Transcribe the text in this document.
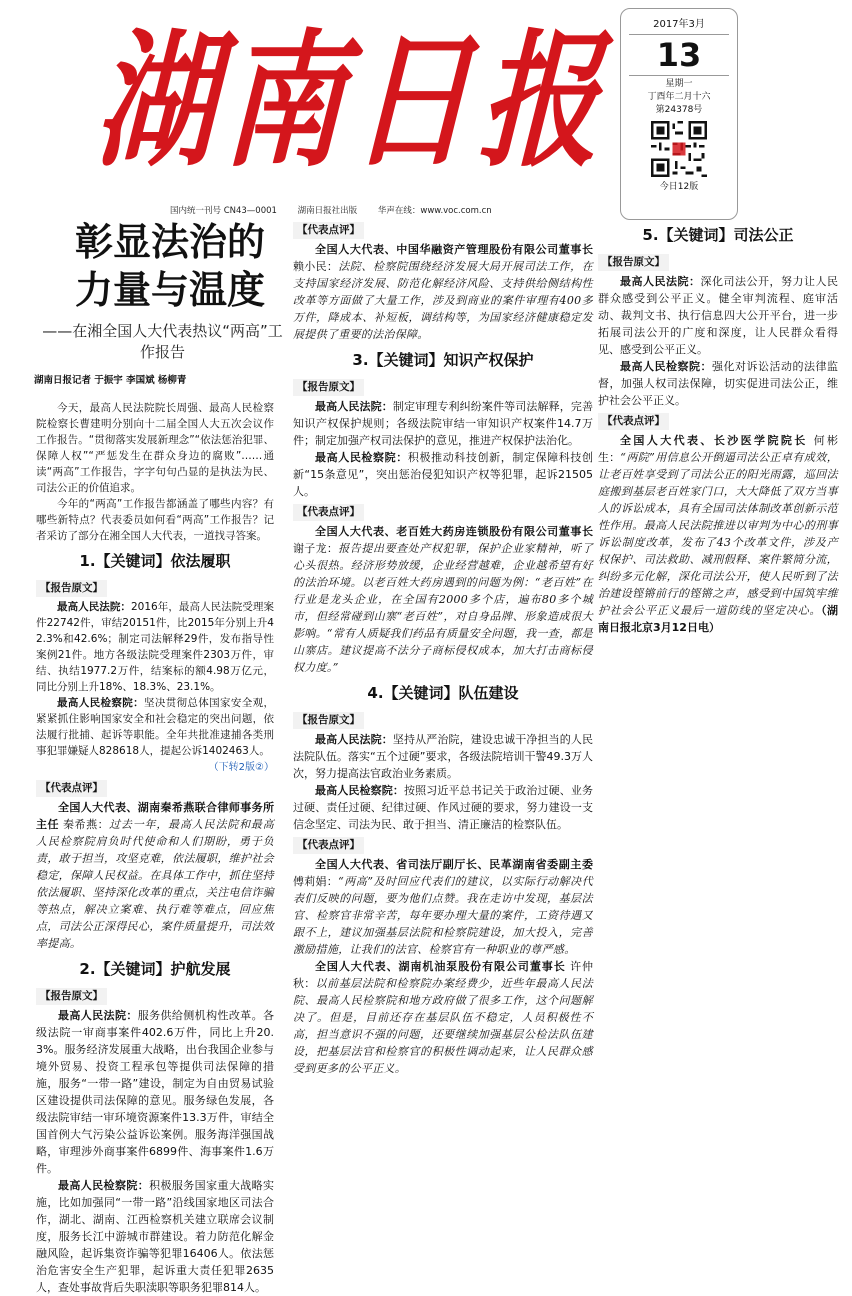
湖南日报	2017年3月
13
星期一
丁酉年二月十六
第24378号
今日12版
国内统一刊号 CN43—0001 湖南日报社出版 华声在线：www.voc.com.cn
彰显法治的
力量与温度
——在湘全国人大代表热议“两高”工作报告
湖南日报记者 于振宇 李国斌 杨柳青

今天，最高人民法院院长周强、最高人民检察院检察长曹建明分别向十二届全国人大五次会议作工作报告。“贯彻落实发展新理念”“依法惩治犯罪、保障人权”“严惩发生在群众身边的腐败”……通读“两高”工作报告，字字句句凸显的是执法为民、司法公正的价值追求。

今年的“两高”工作报告都涵盖了哪些内容？有哪些新特点？代表委员如何看“两高”工作报告？记者采访了部分在湘全国人大代表，一道找寻答案。

1.【关键词】依法履职
【报告原文】

最高人民法院：2016年，最高人民法院受理案件22742件，审结20151件，比2015年分别上升42.3%和42.6%；制定司法解释29件，发布指导性案例21件。地方各级法院受理案件2303万件，审结、执结1977.2万件，结案标的额4.98万亿元，同比分别上升18%、18.3%、23.1%。

最高人民检察院：坚决贯彻总体国家安全观，紧紧抓住影响国家安全和社会稳定的突出问题，依法履行批捕、起诉等职能。全年共批准逮捕各类刑事犯罪嫌疑人828618人，提起公诉1402463人。

（下转2版②）
【代表点评】

全国人大代表、湖南秦希燕联合律师事务所主任 秦希燕：过去一年，最高人民法院和最高人民检察院肩负时代使命和人们期盼，勇于负责，敢于担当，攻坚克难，依法履职，维护社会稳定，保障人民权益。在具体工作中，抓住坚持依法履职、坚持深化改革的重点，关注电信诈骗等热点，解决立案难、执行难等难点，回应焦点，司法公正深得民心，案件质量提升，司法效率提高。

2.【关键词】护航发展
【报告原文】

最高人民法院：服务供给侧机构性改革。各级法院一审商事案件402.6万件，同比上升20.3%。服务经济发展重大战略，出台我国企业参与境外贸易、投资工程承包等提供司法保障的措施，服务“一带一路”建设，制定为自由贸易试验区建设提供司法保障的意见。服务绿色发展，各级法院审结一审环境资源案件13.3万件，审结全国首例大气污染公益诉讼案例。服务海洋强国战略，审理涉外商事案件6899件、海事案件1.6万件。

最高人民检察院：积极服务国家重大战略实施，比如加强同“一带一路”沿线国家地区司法合作，湖北、湖南、江西检察机关建立联席会议制度，服务长江中游城市群建设。着力防范化解金融风险，起诉集资诈骗等犯罪16406人。依法惩治危害安全生产犯罪，起诉重大责任犯罪2635人，查处事故背后失职渎职等职务犯罪814人。

【代表点评】

全国人大代表、中国华融资产管理股份有限公司董事长 赖小民：法院、检察院围绕经济发展大局开展司法工作，在支持国家经济发展、防范化解经济风险、支持供给侧结构性改革等方面做了大量工作，涉及到商业的案件审理有400多万件，降成本、补短板，调结构等，为国家经济健康稳定发展提供了重要的法治保障。

3.【关键词】知识产权保护
【报告原文】

最高人民法院：制定审理专利纠纷案件等司法解释，完善知识产权保护规则；各级法院审结一审知识产权案件14.7万件；制定加强产权司法保护的意见，推进产权保护法治化。

最高人民检察院：积极推动科技创新，制定保障科技创新“15条意见”，突出惩治侵犯知识产权等犯罪，起诉21505人。

【代表点评】

全国人大代表、老百姓大药房连锁股份有限公司董事长 谢子龙：报告提出要查处产权犯罪，保护企业家精神，听了心头很热。经济形势放缓，企业经营越难，企业越希望有好的法治环境。以老百姓大药房遇到的问题为例：“老百姓”在行业是龙头企业，在全国有2000多个店，遍布80多个城市，但经常碰到山寨“老百姓”，对自身品牌、形象造成很大影响。“常有人质疑我们药品有质量安全问题，我一查，都是山寨店。建议提高不法分子商标侵权成本，加大打击商标侵权力度。”

4.【关键词】队伍建设
【报告原文】

最高人民法院：坚持从严治院，建设忠诚干净担当的人民法院队伍。落实“五个过硬”要求，各级法院培训干警49.3万人次，努力提高法官政治业务素质。

最高人民检察院：按照习近平总书记关于政治过硬、业务过硬、责任过硬、纪律过硬、作风过硬的要求，努力建设一支信念坚定、司法为民、敢于担当、清正廉洁的检察队伍。

【代表点评】

全国人大代表、省司法厅副厅长、民革湖南省委副主委 傅莉娟：“两高”及时回应代表们的建议，以实际行动解决代表们反映的问题，要为他们点赞。我在走访中发现，基层法官、检察官非常辛苦，每年要办理大量的案件，工资待遇又跟不上，建议加强基层法院和检察院建设，加大投入，完善激励措施，让我们的法官、检察官有一种职业的尊严感。

全国人大代表、湖南机油泵股份有限公司董事长 许仲秋：以前基层法院和检察院办案经费少，近些年最高人民法院、最高人民检察院和地方政府做了很多工作，这个问题解决了。但是，目前还存在基层队伍不稳定，人员积极性不高，担当意识不强的问题，还要继续加强基层公检法队伍建设，把基层法官和检察官的积极性调动起来，让人民群众感受到更多的公平正义。

5.【关键词】司法公正
【报告原文】

最高人民法院：深化司法公开，努力让人民群众感受到公平正义。健全审判流程、庭审活动、裁判文书、执行信息四大公开平台，进一步拓展司法公开的广度和深度，让人民群众看得见、感受到公平正义。

最高人民检察院：强化对诉讼活动的法律监督，加强人权司法保障，切实促进司法公正，维护社会公平正义。

【代表点评】

全国人大代表、长沙医学院院长 何彬生：“两院”用信息公开倒逼司法公正卓有成效，让老百姓享受到了司法公正的阳光雨露，巡回法庭搬到基层老百姓家门口，大大降低了双方当事人的诉讼成本，具有全国司法体制改革创新示范性作用。最高人民法院推进以审判为中心的刑事诉讼制度改革，发布了43个改革文件，涉及产权保护、司法救助、减刑假释、案件繁简分流，纠纷多元化解，深化司法公开，使人民听到了法治建设铿锵前行的铿锵之声，感受到中国筑牢维护社会公平正义最后一道防线的坚定决心。（湖南日报北京3月12日电）
